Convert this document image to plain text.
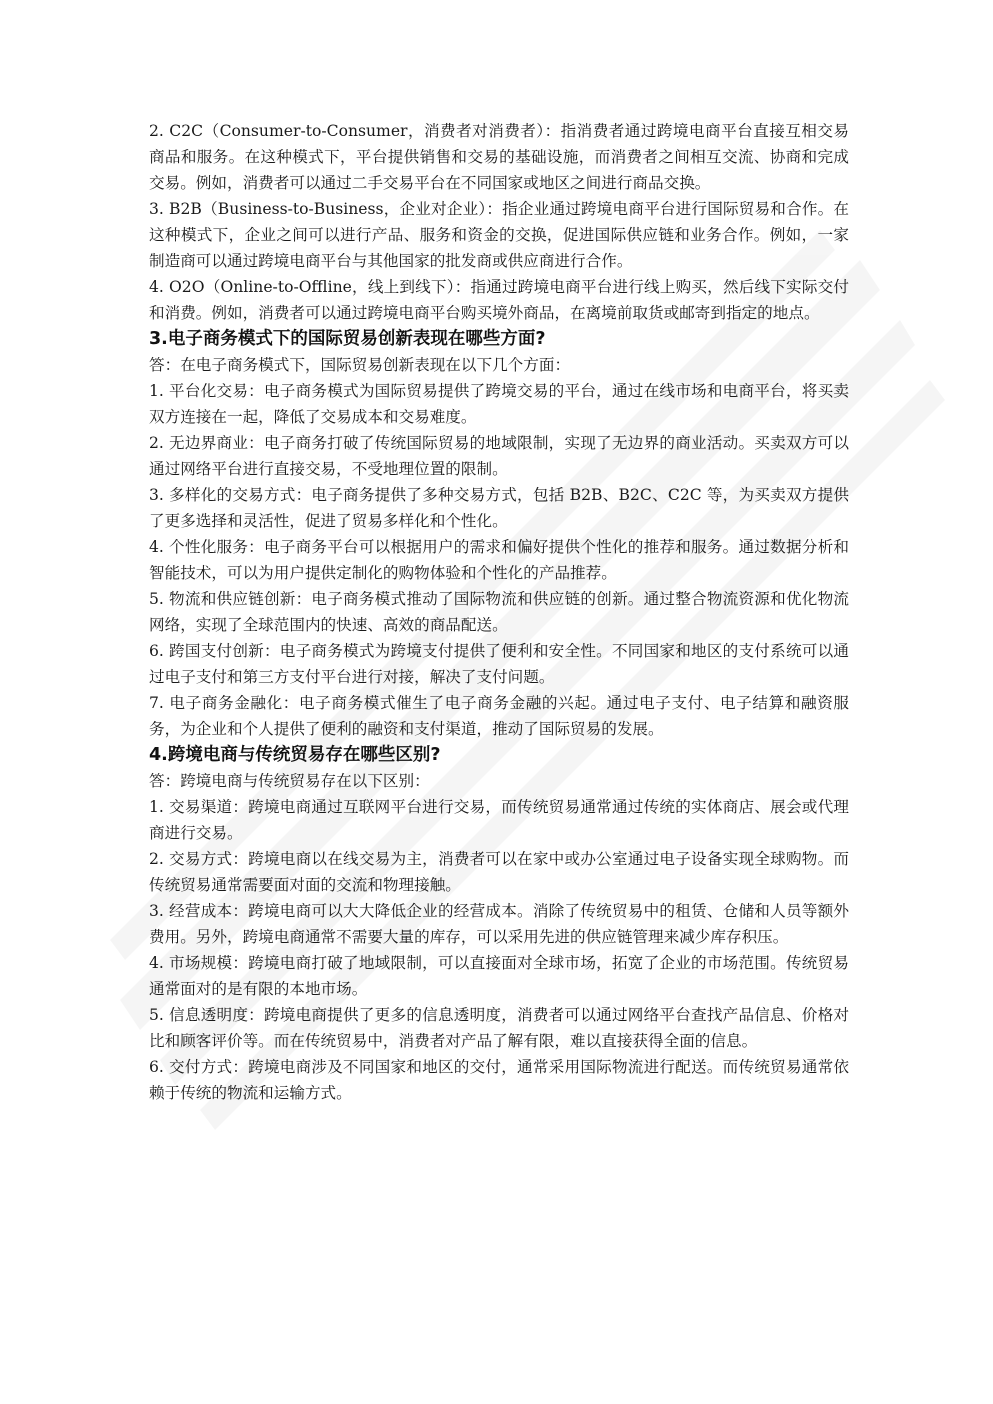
2. C2C（Consumer-to-Consumer，消费者对消费者）：指消费者通过跨境电商平台直接互相交易商品和服务。在这种模式下，平台提供销售和交易的基础设施，而消费者之间相互交流、协商和完成交易。例如，消费者可以通过二手交易平台在不同国家或地区之间进行商品交换。

3. B2B（Business-to-Business，企业对企业）：指企业通过跨境电商平台进行国际贸易和合作。在这种模式下，企业之间可以进行产品、服务和资金的交换，促进国际供应链和业务合作。例如，一家制造商可以通过跨境电商平台与其他国家的批发商或供应商进行合作。

4. O2O（Online-to-Offline，线上到线下）：指通过跨境电商平台进行线上购买，然后线下实际交付和消费。例如，消费者可以通过跨境电商平台购买境外商品，在离境前取货或邮寄到指定的地点。

3.电子商务模式下的国际贸易创新表现在哪些方面?

答：在电子商务模式下，国际贸易创新表现在以下几个方面：

1. 平台化交易：电子商务模式为国际贸易提供了跨境交易的平台，通过在线市场和电商平台，将买卖双方连接在一起，降低了交易成本和交易难度。

2. 无边界商业：电子商务打破了传统国际贸易的地域限制，实现了无边界的商业活动。买卖双方可以通过网络平台进行直接交易，不受地理位置的限制。

3. 多样化的交易方式：电子商务提供了多种交易方式，包括 B2B、B2C、C2C 等，为买卖双方提供了更多选择和灵活性，促进了贸易多样化和个性化。

4. 个性化服务：电子商务平台可以根据用户的需求和偏好提供个性化的推荐和服务。通过数据分析和智能技术，可以为用户提供定制化的购物体验和个性化的产品推荐。

5. 物流和供应链创新：电子商务模式推动了国际物流和供应链的创新。通过整合物流资源和优化物流网络，实现了全球范围内的快速、高效的商品配送。

6. 跨国支付创新：电子商务模式为跨境支付提供了便利和安全性。不同国家和地区的支付系统可以通过电子支付和第三方支付平台进行对接，解决了支付问题。

7. 电子商务金融化：电子商务模式催生了电子商务金融的兴起。通过电子支付、电子结算和融资服务，为企业和个人提供了便利的融资和支付渠道，推动了国际贸易的发展。

4.跨境电商与传统贸易存在哪些区别?

答：跨境电商与传统贸易存在以下区别：

1. 交易渠道：跨境电商通过互联网平台进行交易，而传统贸易通常通过传统的实体商店、展会或代理商进行交易。

2. 交易方式：跨境电商以在线交易为主，消费者可以在家中或办公室通过电子设备实现全球购物。而传统贸易通常需要面对面的交流和物理接触。

3. 经营成本：跨境电商可以大大降低企业的经营成本。消除了传统贸易中的租赁、仓储和人员等额外费用。另外，跨境电商通常不需要大量的库存，可以采用先进的供应链管理来减少库存积压。

4. 市场规模：跨境电商打破了地域限制，可以直接面对全球市场，拓宽了企业的市场范围。传统贸易通常面对的是有限的本地市场。

5. 信息透明度：跨境电商提供了更多的信息透明度，消费者可以通过网络平台查找产品信息、价格对比和顾客评价等。而在传统贸易中，消费者对产品了解有限，难以直接获得全面的信息。

6. 交付方式：跨境电商涉及不同国家和地区的交付，通常采用国际物流进行配送。而传统贸易通常依赖于传统的物流和运输方式。
